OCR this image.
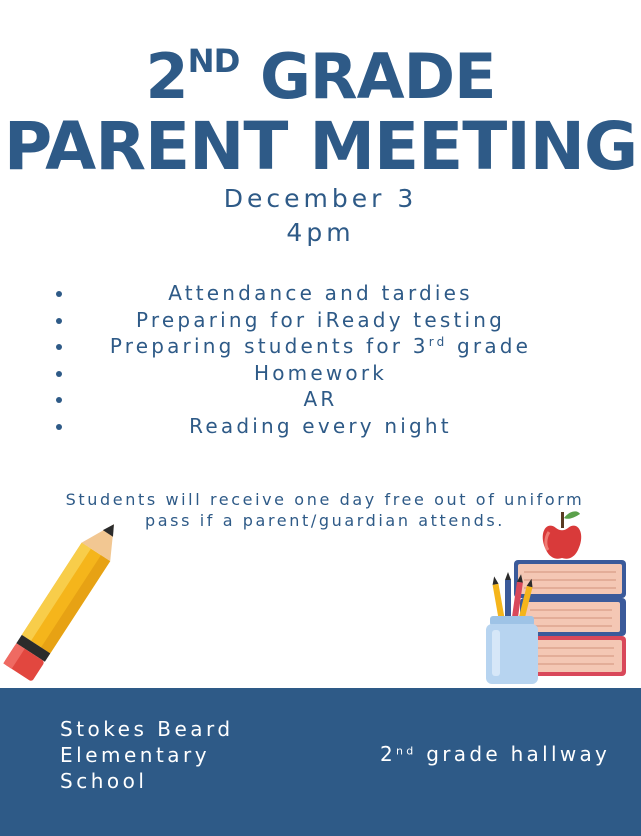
2ND GRADE
PARENT MEETING
December 3
4pm
Attendance and tardies
Preparing for iReady testing
Preparing students for 3rd grade
Homework
AR
Reading every night
Students will receive one day free out of uniform
pass if a parent/guardian attends.
Stokes Beard
Elementary
School
2nd grade hallway
